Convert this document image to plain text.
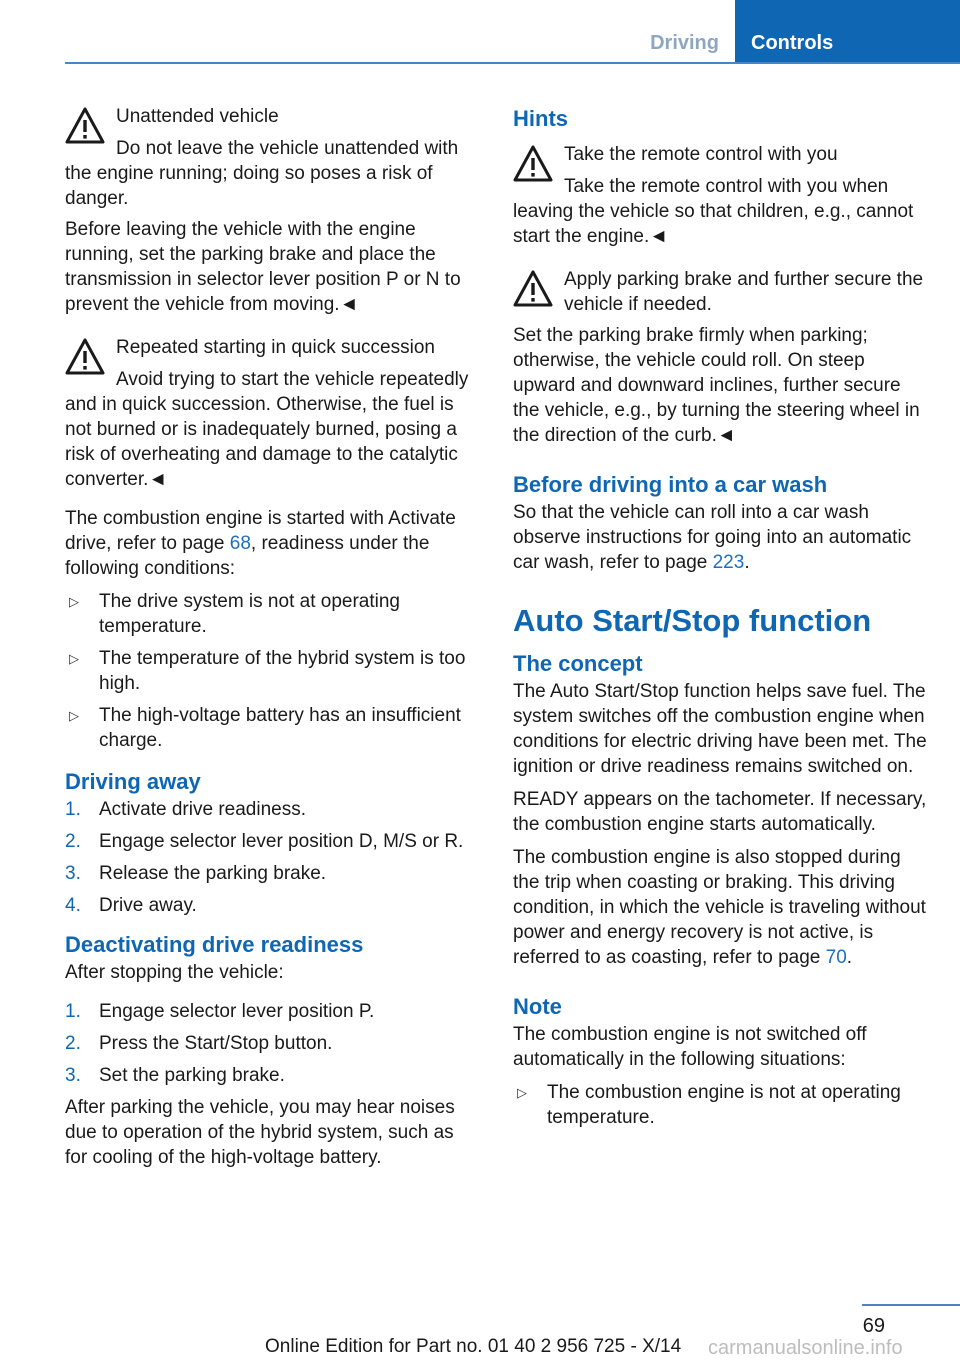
Driving	Controls
Unattended vehicle

Do not leave the vehicle unattended with the engine running; doing so poses a risk of danger.

Before leaving the vehicle with the engine running, set the parking brake and place the transmission in selector lever position P or N to prevent the vehicle from moving.◄

Repeated starting in quick succession

Avoid trying to start the vehicle repeatedly and in quick succession. Otherwise, the fuel is not burned or is inadequately burned, posing a risk of overheating and damage to the catalytic converter.◄

The combustion engine is started with Activate drive, refer to page 68, readiness under the following conditions:

▷ The drive system is not at operating temperature.
▷ The temperature of the hybrid system is too high.
▷ The high-voltage battery has an insufficient charge.
Driving away
1. Activate drive readiness.
2. Engage selector lever position D, M/S or R.
3. Release the parking brake.
4. Drive away.
Deactivating drive readiness

After stopping the vehicle:

1. Engage selector lever position P.
2. Press the Start/Stop button.
3. Set the parking brake.

After parking the vehicle, you may hear noises due to operation of the hybrid system, such as for cooling of the high-voltage battery.

Hints
Take the remote control with you

Take the remote control with you when leaving the vehicle so that children, e.g., cannot start the engine.◄

Apply parking brake and further secure the vehicle if needed.

Set the parking brake firmly when parking; otherwise, the vehicle could roll. On steep upward and downward inclines, further secure the vehicle, e.g., by turning the steering wheel in the direction of the curb.◄

Before driving into a car wash

So that the vehicle can roll into a car wash observe instructions for going into an automatic car wash, refer to page 223.

Auto Start/Stop function
The concept

The Auto Start/Stop function helps save fuel. The system switches off the combustion engine when conditions for electric driving have been met. The ignition or drive readiness remains switched on.

READY appears on the tachometer. If necessary, the combustion engine starts automatically.

The combustion engine is also stopped during the trip when coasting or braking. This driving condition, in which the vehicle is traveling without power and energy recovery is not active, is referred to as coasting, refer to page 70.

Note

The combustion engine is not switched off automatically in the following situations:

▷ The combustion engine is not at operating temperature.
69
Online Edition for Part no. 01 40 2 956 725 - X/14 carmanualsonline.info
